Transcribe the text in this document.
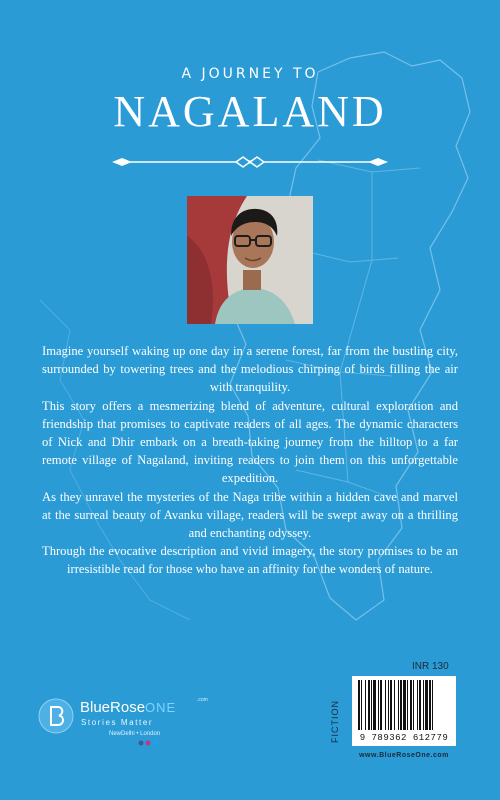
A JOURNEY TO
NAGALAND

Imagine yourself waking up one day in a serene forest, far from the bustling city, surrounded by towering trees and the melodious chirping of birds filling the air with tranquility.

This story offers a mesmerizing blend of adventure, cultural exploration and friendship that promises to captivate readers of all ages. The dynamic characters of Nick and Dhir embark on a breath-taking journey from the hilltop to a far remote village of Nagaland, inviting readers to join them on this unforgettable expedition.

As they unravel the mysteries of the Naga tribe within a hidden cave and marvel at the surreal beauty of Avanku village, readers will be swept away on a thrilling and enchanting odyssey.

Through the evocative description and vivid imagery, the story promises to be an irresistible read for those who have an affinity for the wonders of nature.

INR 130
FICTION	9 789362 612779
www.BlueRoseOne.com
BlueRoseONE	.com
Stories Matter
NewDelhi • London
